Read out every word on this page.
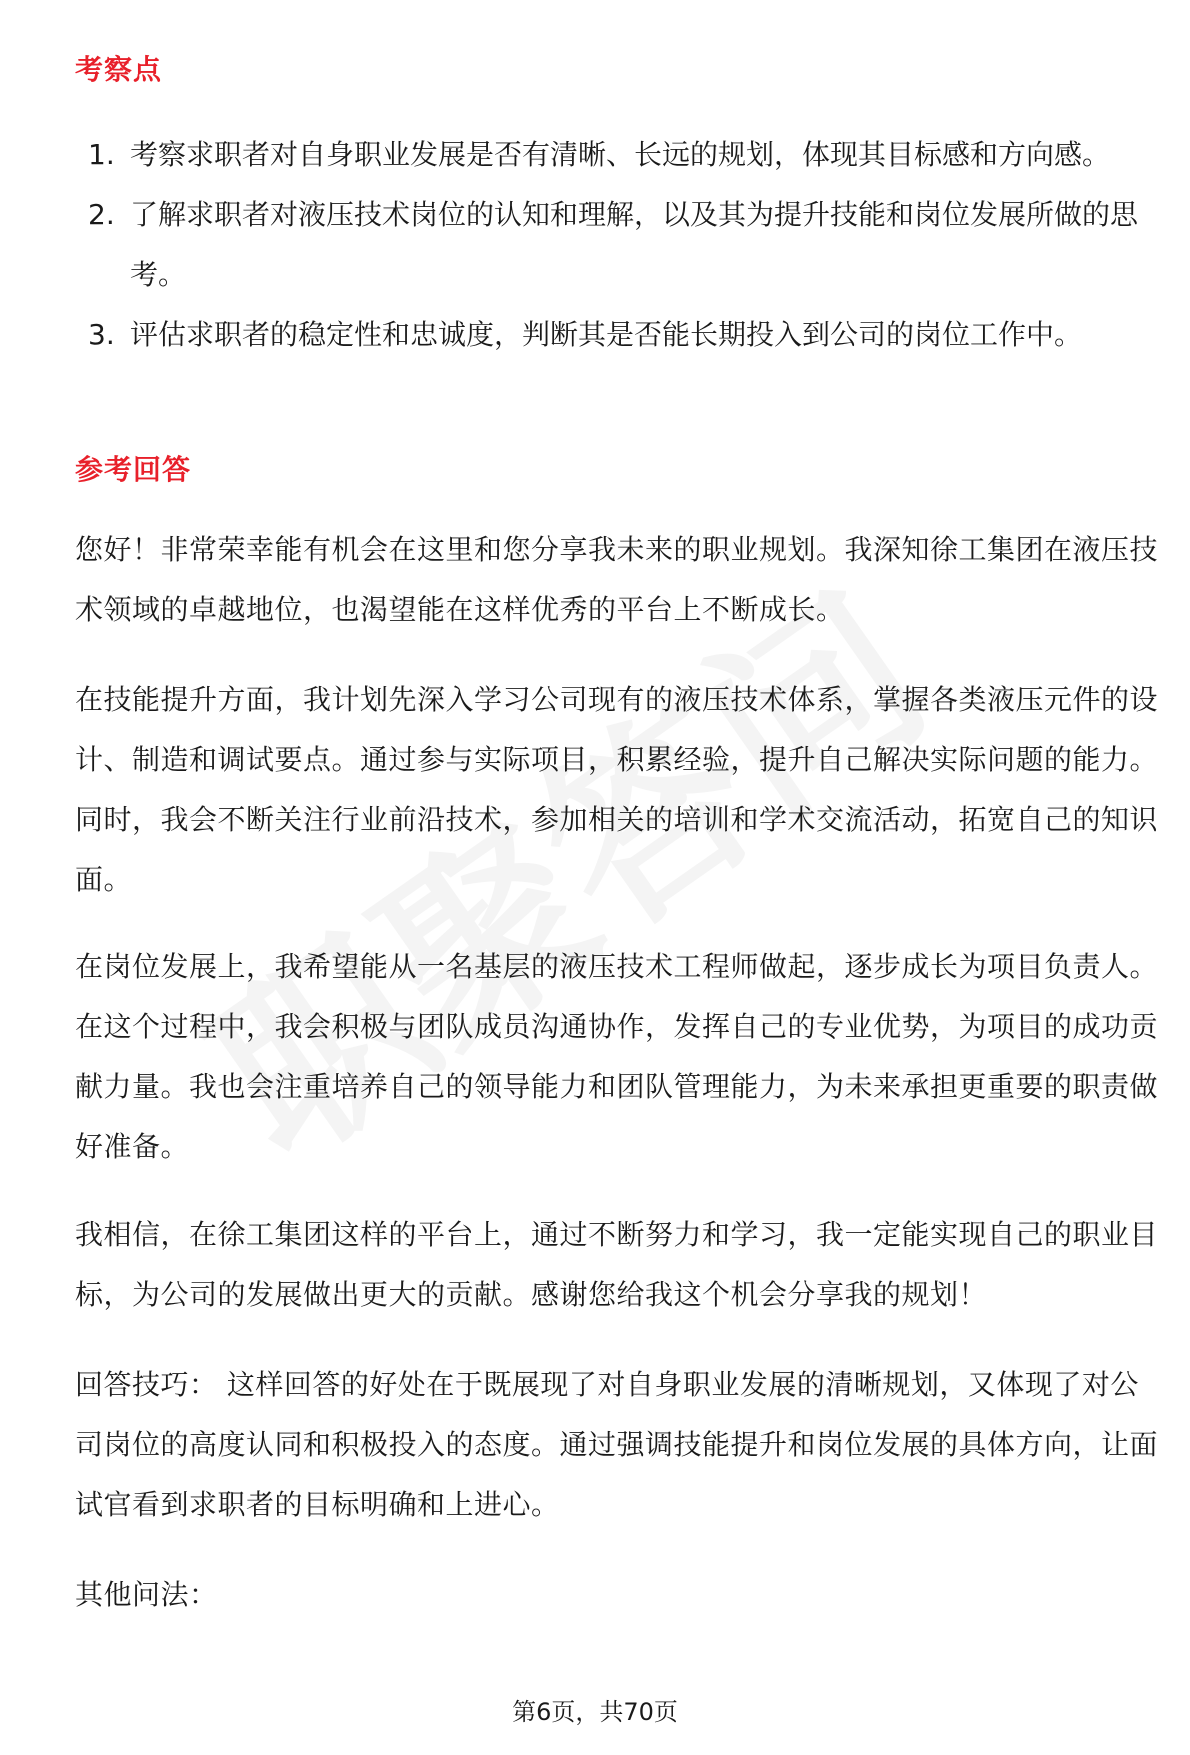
考察点
1. 考察求职者对自身职业发展是否有清晰、长远的规划，体现其目标感和方向感。
2. 了解求职者对液压技术岗位的认知和理解，以及其为提升技能和岗位发展所做的思考。
3. 评估求职者的稳定性和忠诚度，判断其是否能长期投入到公司的岗位工作中。
参考回答

您好！非常荣幸能有机会在这里和您分享我未来的职业规划。我深知徐工集团在液压技术领域的卓越地位，也渴望能在这样优秀的平台上不断成长。

在技能提升方面，我计划先深入学习公司现有的液压技术体系，掌握各类液压元件的设计、制造和调试要点。通过参与实际项目，积累经验，提升自己解决实际问题的能力。同时，我会不断关注行业前沿技术，参加相关的培训和学术交流活动，拓宽自己的知识面。

在岗位发展上，我希望能从一名基层的液压技术工程师做起，逐步成长为项目负责人。在这个过程中，我会积极与团队成员沟通协作，发挥自己的专业优势，为项目的成功贡献力量。我也会注重培养自己的领导能力和团队管理能力，为未来承担更重要的职责做好准备。

我相信，在徐工集团这样的平台上，通过不断努力和学习，我一定能实现自己的职业目标，为公司的发展做出更大的贡献。感谢您给我这个机会分享我的规划！

回答技巧： 这样回答的好处在于既展现了对自身职业发展的清晰规划，又体现了对公司岗位的高度认同和积极投入的态度。通过强调技能提升和岗位发展的具体方向，让面试官看到求职者的目标明确和上进心。

其他问法：

第6页，共70页
